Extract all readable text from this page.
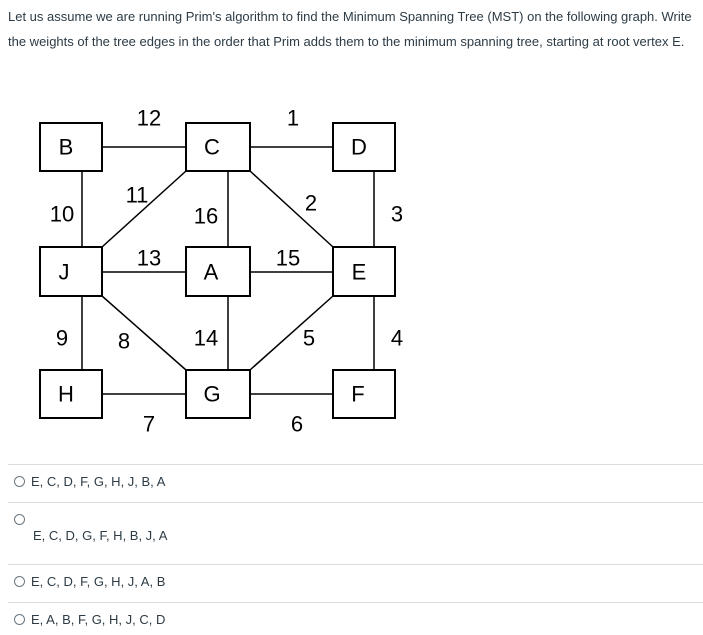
Let us assume we are running Prim's algorithm to find the Minimum Spanning Tree (MST) on the following graph. Write the weights of the tree edges in the order that Prim adds them to the minimum spanning tree, starting at root vertex E.
B	C	D
J	A	E
H	G	F
12	1
10
11
16
2	3
13	15
9 8	14	5	4
7	6
E, C, D, F, G, H, J, B, A
E, C, D, G, F, H, B, J, A
E, C, D, F, G, H, J, A, B
E, A, B, F, G, H, J, C, D
